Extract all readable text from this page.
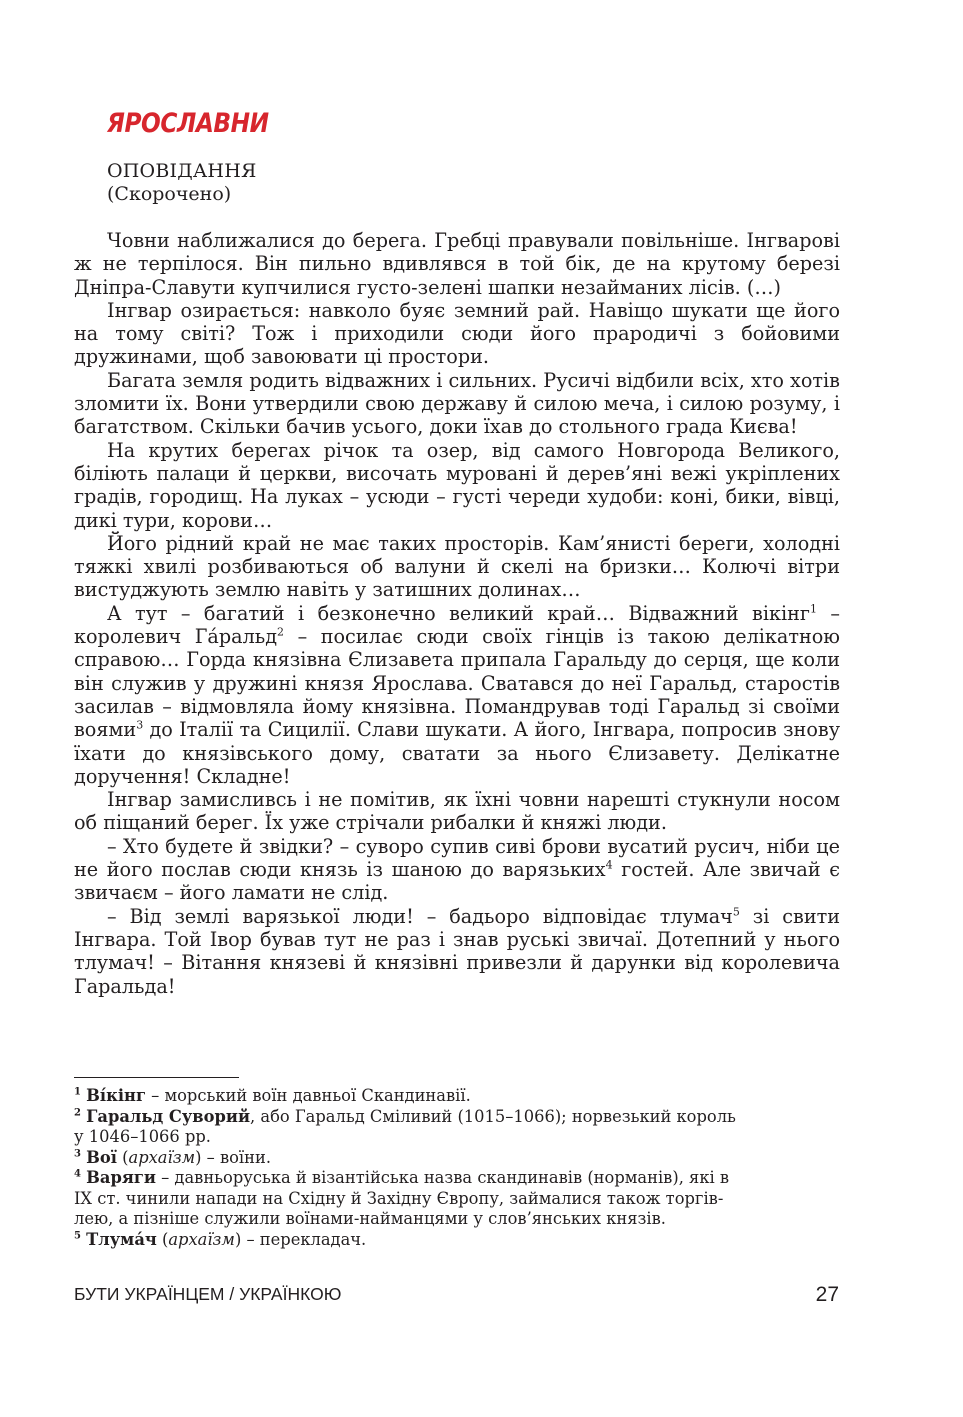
ЯРОСЛАВНИ
ОПОВІДАННЯ
(Скорочено)

Човни наближалися до берега. Гребці правували повільніше. Інгварові ж не терпілося. Він пильно вдивлявся в той бік, де на крутому березі Дніпра-Славути купчилися густо-зелені шапки незайманих лісів. (…)

Інгвар озирається: навколо буяє земний рай. Навіщо шукати ще його на тому світі? Тож і приходили сюди його прародичі з бойовими дружинами, щоб завоювати ці простори.

Багата земля родить відважних і сильних. Русичі відбили всіх, хто хотів зломити їх. Вони утвердили свою державу й силою меча, і силою розуму, і багатством. Скільки бачив усього, доки їхав до стольного града Києва!

На крутих берегах річок та озер, від самого Новгорода Великого, біліють палаци й церкви, височать муровані й дерев’яні вежі укріплених градів, городищ. На луках – усюди – густі череди худоби: коні, бики, вівці, дикі тури, корови…

Його рідний край не має таких просторів. Кам’янисті береги, холодні тяжкі хвилі розбиваються об валуни й скелі на бризки… Колючі вітри вистуджують землю навіть у затишних долинах…

А тут – багатий і безконечно великий край… Відважний вікінг$^1$ – королевич Га́ральд$^2$ – посилає сюди своїх гінців із такою делікатною справою… Горда князівна Єлизавета припала Гаральду до серця, ще коли він служив у дружині князя Ярослава. Сватався до неї Гаральд, старостів засилав – відмовляла йому князівна. Помандрував тоді Гаральд зі своїми воями$^3$ до Італії та Сицилії. Слави шукати. А його, Інгвара, попросив знову їхати до князівського дому, сватати за нього Єлизавету. Делікатне доручення! Складне!

Інгвар замисливсь і не помітив, як їхні човни нарешті стукнули носом об піщаний берег. Їх уже стрічали рибалки й княжі люди.

– Хто будете й звідки? – суворо супив сиві брови вусатий русич, ніби це не його послав сюди князь із шаною до варязьких$^4$ гостей. Але звичай є звичаєм – його ламати не слід.

– Від землі варязької люди! – бадьоро відповідає тлумач$^5$ зі свити Інгвара. Той Івор бував тут не раз і знав руські звичаї. Дотепний у нього тлумач! – Вітання князеві й князівні привезли й дарунки від королевича Гаральда!

$^1$ Ві́кінг – морський воїн давньої Скандинавії.
$^2$ Гаральд Суворий, або Гаральд Сміливий (1015–1066); норвезький король
у 1046–1066 рр.
$^3$ Вої (архаїзм) – воїни.
$^4$ Варяги – давньоруська й візантійська назва скандинавів (норманів), які в
IX ст. чинили напади на Східну й Західну Європу, займалися також торгів-
лею, а пізніше служили воїнами-найманцями у слов’янських князів.
$^5$ Тлума́ч (архаїзм) – перекладач.
БУТИ УКРАЇНЦЕМ / УКРАЇНКОЮ	27
